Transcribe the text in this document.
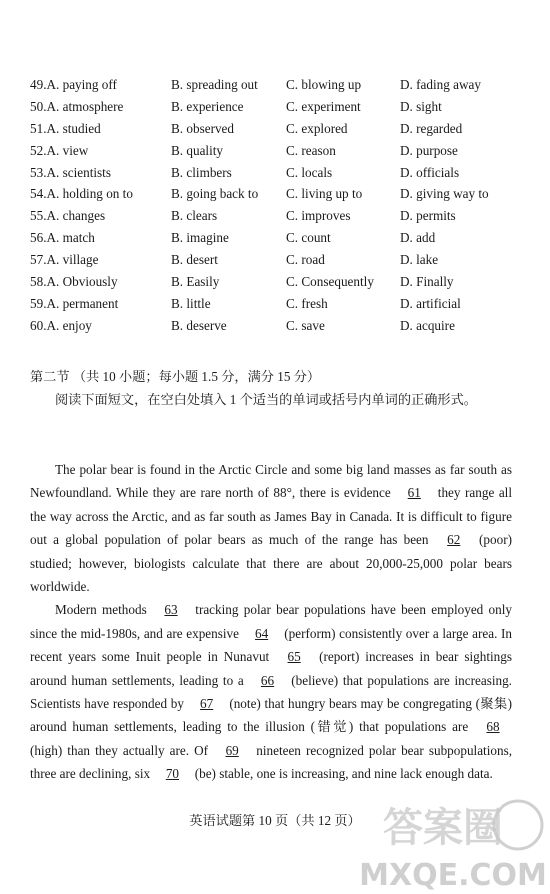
49.A. paying off	B. spreading out C. blowing up	D. fading away
50.A. atmosphere	B. experience	C. experiment	D. sight
51.A. studied	B. observed	C. explored	D. regarded
52.A. view	B. quality	C. reason	D. purpose
53.A. scientists	B. climbers	C. locals	D. officials
54.A. holding on to	B. going back to C. living up to	D. giving way to
55.A. changes	B. clears	C. improves	D. permits
56.A. match	B. imagine	C. count	D. add
57.A. village	B. desert	C. road	D. lake
58.A. Obviously	B. Easily	C. Consequently D. Finally
59.A. permanent	B. little	C. fresh	D. artificial
60.A. enjoy	B. deserve	C. save	D. acquire
第二节 （共 10 小题；每小题 1.5 分，满分 15 分）
阅读下面短文，在空白处填入 1 个适当的单词或括号内单词的正确形式。

The polar bear is found in the Arctic Circle and some big land masses as far south as Newfoundland. While they are rare north of 88°, there is evidence 61 they range all the way across the Arctic, and as far south as James Bay in Canada. It is difficult to figure out a global population of polar bears as much of the range has been 62 (poor) studied; however, biologists calculate that there are about 20,000-25,000 polar bears worldwide.

Modern methods 63 tracking polar bear populations have been employed only since the mid-1980s, and are expensive 64 (perform) consistently over a large area. In recent years some Inuit people in Nunavut 65 (report) increases in bear sightings around human settlements, leading to a 66 (believe) that populations are increasing. Scientists have responded by 67 (note) that hungry bears may be congregating (聚集) around human settlements, leading to the illusion (错觉) that populations are 68 (high) than they actually are. Of 69 nineteen recognized polar bear subpopulations, three are declining, six 70 (be) stable, one is increasing, and nine lack enough data.

英语试题第 10 页（共 12 页） 答案圈
MXQE.COM
